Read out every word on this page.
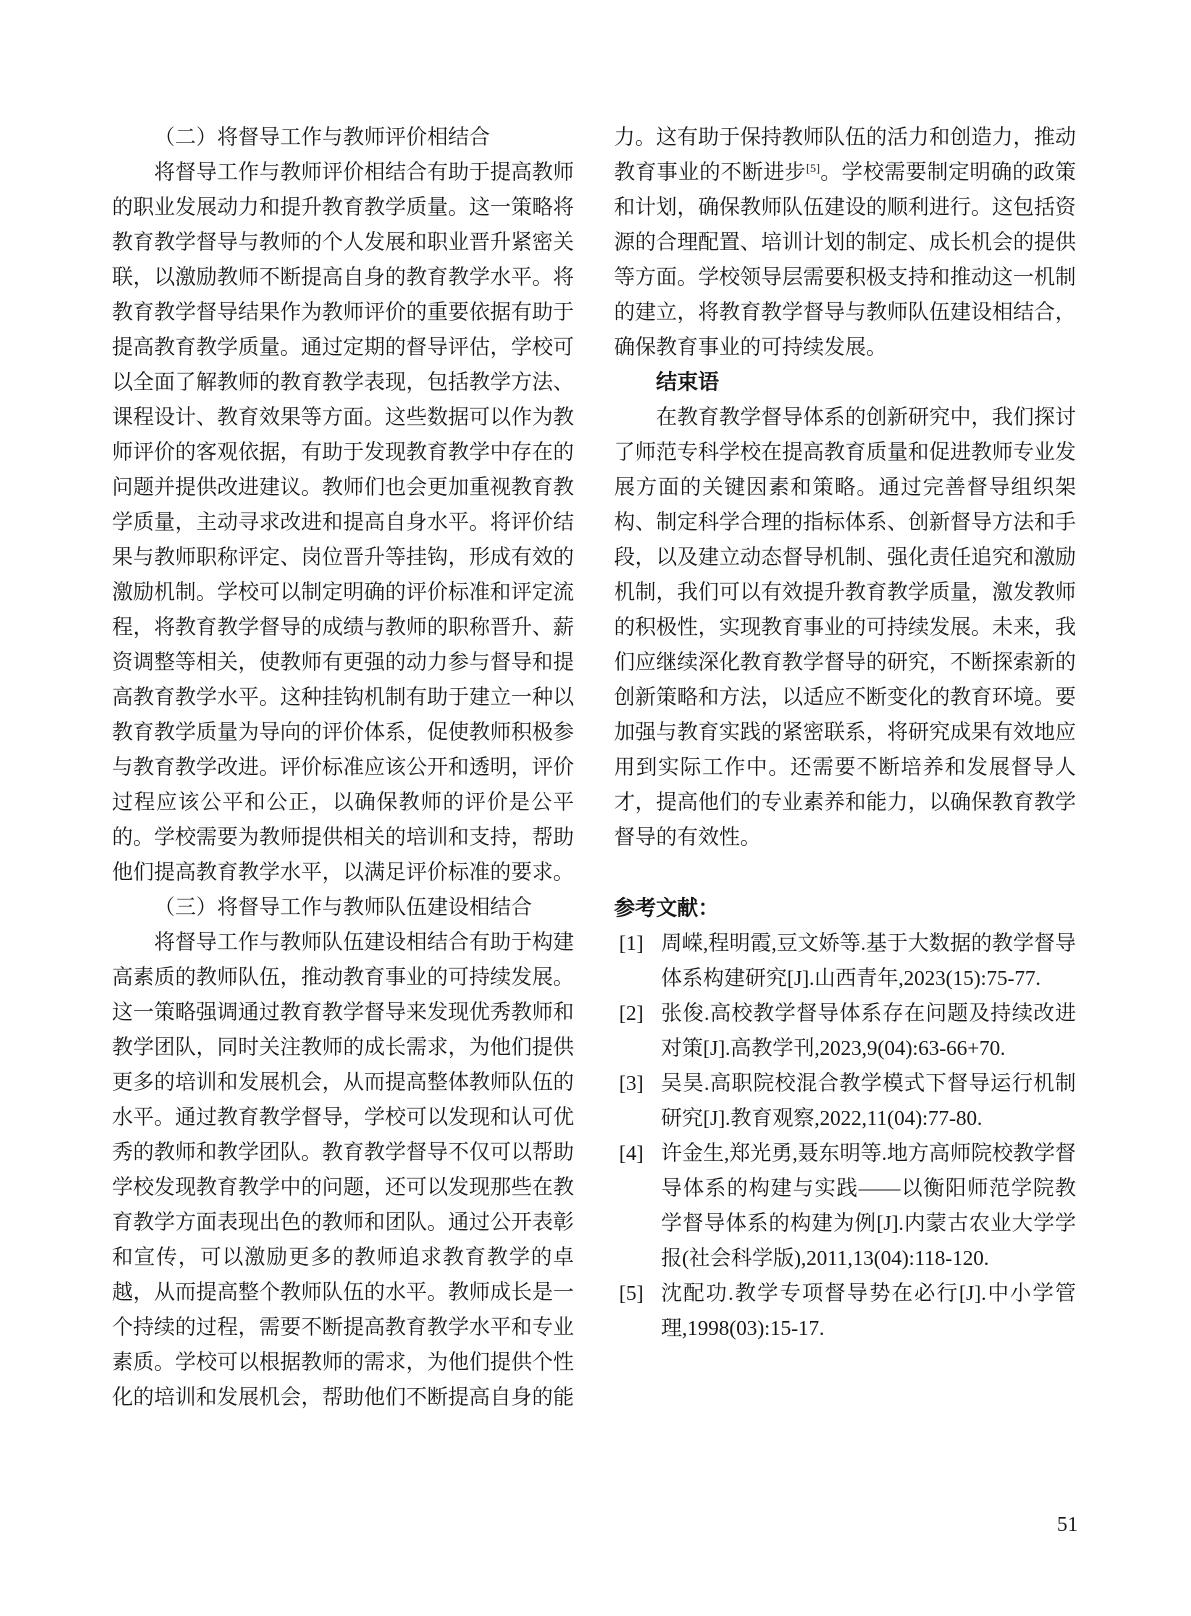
（二）将督导工作与教师评价相结合

将督导工作与教师评价相结合有助于提高教师的职业发展动力和提升教育教学质量。这一策略将教育教学督导与教师的个人发展和职业晋升紧密关联，以激励教师不断提高自身的教育教学水平。将教育教学督导结果作为教师评价的重要依据有助于提高教育教学质量。通过定期的督导评估，学校可以全面了解教师的教育教学表现，包括教学方法、课程设计、教育效果等方面。这些数据可以作为教师评价的客观依据，有助于发现教育教学中存在的问题并提供改进建议。教师们也会更加重视教育教学质量，主动寻求改进和提高自身水平。将评价结果与教师职称评定、岗位晋升等挂钩，形成有效的激励机制。学校可以制定明确的评价标准和评定流程，将教育教学督导的成绩与教师的职称晋升、薪资调整等相关，使教师有更强的动力参与督导和提高教育教学水平。这种挂钩机制有助于建立一种以教育教学质量为导向的评价体系，促使教师积极参与教育教学改进。评价标准应该公开和透明，评价过程应该公平和公正，以确保教师的评价是公平的。学校需要为教师提供相关的培训和支持，帮助他们提高教育教学水平，以满足评价标准的要求。

（三）将督导工作与教师队伍建设相结合

将督导工作与教师队伍建设相结合有助于构建高素质的教师队伍，推动教育事业的可持续发展。这一策略强调通过教育教学督导来发现优秀教师和教学团队，同时关注教师的成长需求，为他们提供更多的培训和发展机会，从而提高整体教师队伍的水平。通过教育教学督导，学校可以发现和认可优秀的教师和教学团队。教育教学督导不仅可以帮助学校发现教育教学中的问题，还可以发现那些在教育教学方面表现出色的教师和团队。通过公开表彰和宣传，可以激励更多的教师追求教育教学的卓越，从而提高整个教师队伍的水平。教师成长是一个持续的过程，需要不断提高教育教学水平和专业素质。学校可以根据教师的需求，为他们提供个性化的培训和发展机会，帮助他们不断提高自身的能

力。这有助于保持教师队伍的活力和创造力，推动教育事业的不断进步[5]。学校需要制定明确的政策和计划，确保教师队伍建设的顺利进行。这包括资源的合理配置、培训计划的制定、成长机会的提供等方面。学校领导层需要积极支持和推动这一机制的建立，将教育教学督导与教师队伍建设相结合，确保教育事业的可持续发展。

结束语

在教育教学督导体系的创新研究中，我们探讨了师范专科学校在提高教育质量和促进教师专业发展方面的关键因素和策略。通过完善督导组织架构、制定科学合理的指标体系、创新督导方法和手段，以及建立动态督导机制、强化责任追究和激励机制，我们可以有效提升教育教学质量，激发教师的积极性，实现教育事业的可持续发展。未来，我们应继续深化教育教学督导的研究，不断探索新的创新策略和方法，以适应不断变化的教育环境。要加强与教育实践的紧密联系，将研究成果有效地应用到实际工作中。还需要不断培养和发展督导人才，提高他们的专业素养和能力，以确保教育教学督导的有效性。

参考文献：

[1] 周嵘,程明霞,豆文娇等.基于大数据的教学督导体系构建研究[J].山西青年,2023(15):75-77.
[2] 张俊.高校教学督导体系存在问题及持续改进对策[J].高教学刊,2023,9(04):63-66+70.
[3] 吴昊.高职院校混合教学模式下督导运行机制研究[J].教育观察,2022,11(04):77-80.
[4] 许金生,郑光勇,聂东明等.地方高师院校教学督导体系的构建与实践——以衡阳师范学院教学督导体系的构建为例[J].内蒙古农业大学学报(社会科学版),2011,13(04):118-120.
[5] 沈配功.教学专项督导势在必行[J].中小学管理,1998(03):15-17.
51
